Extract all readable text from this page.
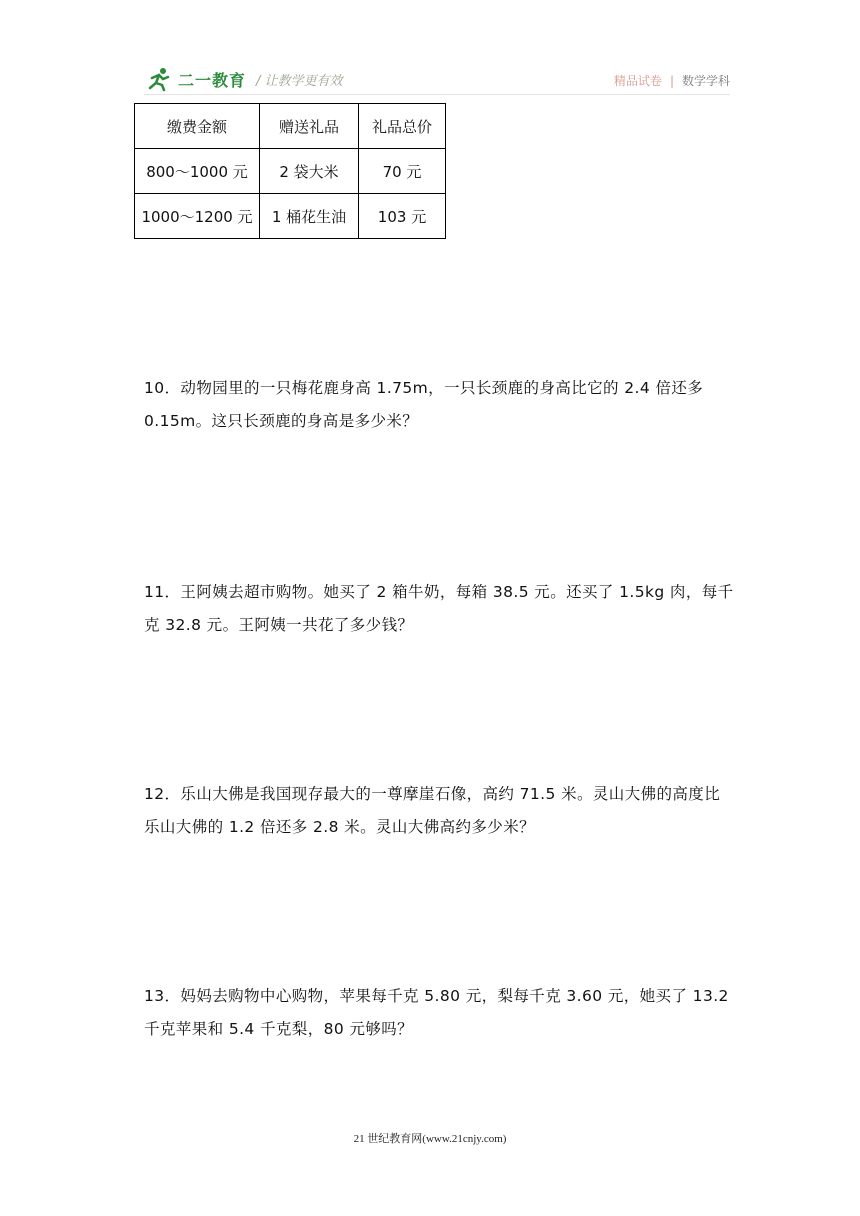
二一教育 / 让教学更有效	精品试卷 | 数学学科
缴费金额	赠送礼品	礼品总价
800～1000 元	2 袋大米	70 元
1000～1200 元	1 桶花生油	103 元
10．动物园里的一只梅花鹿身高 1.75m，一只长颈鹿的身高比它的 2.4 倍还多 0.15m。这只长颈鹿的身高是多少米？
11．王阿姨去超市购物。她买了 2 箱牛奶，每箱 38.5 元。还买了 1.5kg 肉，每千克 32.8 元。王阿姨一共花了多少钱？
12．乐山大佛是我国现存最大的一尊摩崖石像，高约 71.5 米。灵山大佛的高度比乐山大佛的 1.2 倍还多 2.8 米。灵山大佛高约多少米？
13．妈妈去购物中心购物，苹果每千克 5.80 元，梨每千克 3.60 元，她买了 13.2 千克苹果和 5.4 千克梨，80 元够吗？
21 世纪教育网(www.21cnjy.com)
